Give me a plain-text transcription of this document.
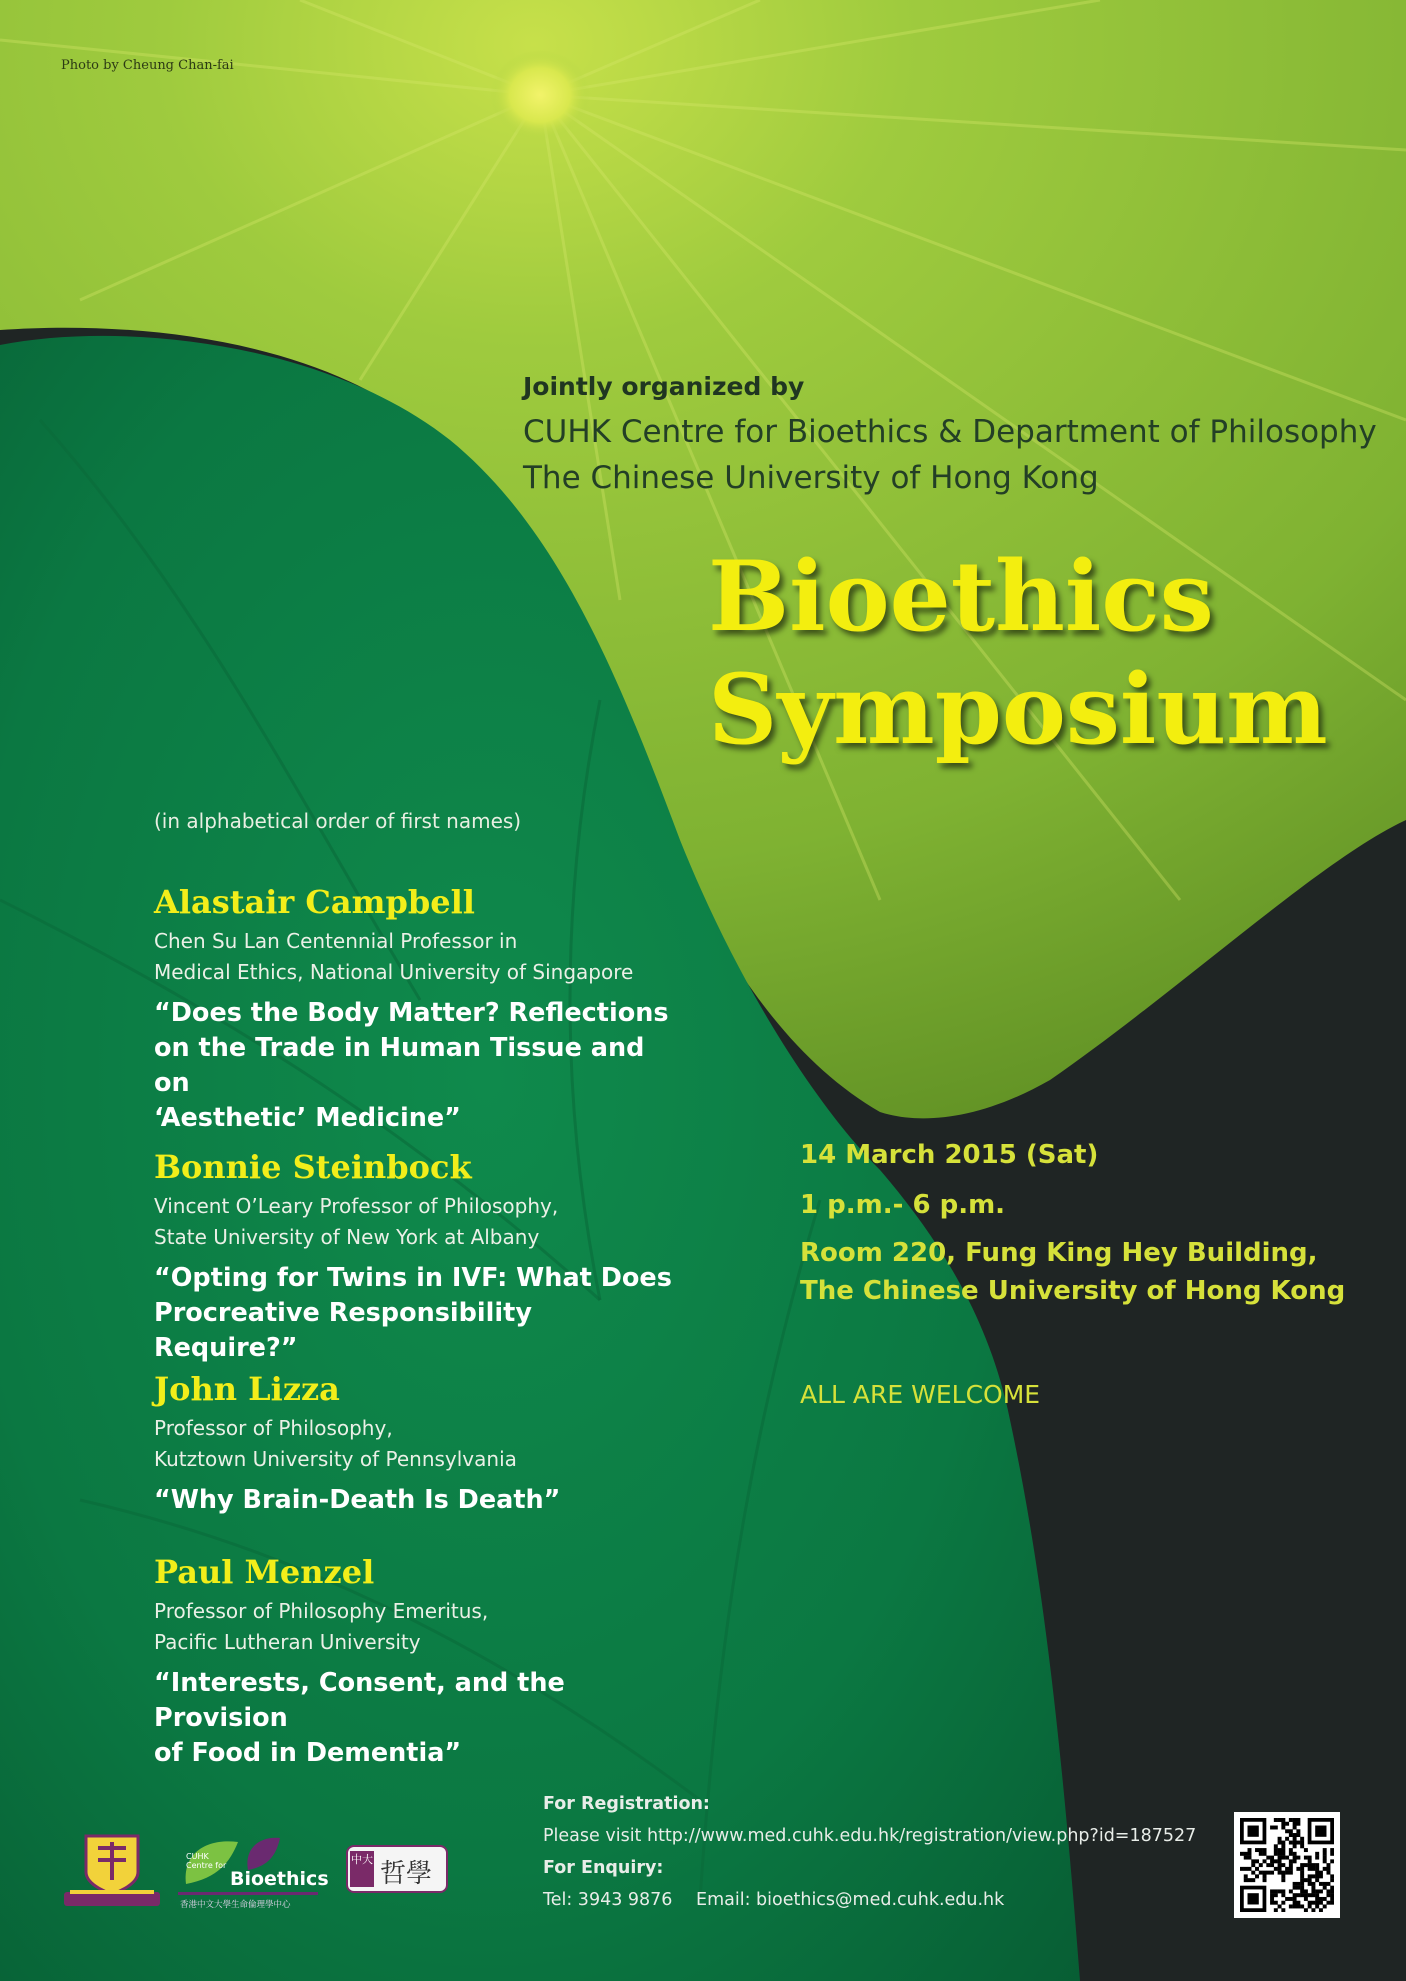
Photo by Cheung Chan-fai
Jointly organized by
CUHK Centre for Bioethics & Department of Philosophy
The Chinese University of Hong Kong
Bioethics
Symposium
(in alphabetical order of first names)
Alastair Campbell
Chen Su Lan Centennial Professor in
Medical Ethics, National University of Singapore
“Does the Body Matter? Reflections
on the Trade in Human Tissue and on
‘Aesthetic’ Medicine”
Bonnie Steinbock
Vincent O’Leary Professor of Philosophy,
State University of New York at Albany
“Opting for Twins in IVF: What Does
Procreative Responsibility Require?”
John Lizza
Professor of Philosophy,
Kutztown University of Pennsylvania
“Why Brain-Death Is Death”
Paul Menzel
Professor of Philosophy Emeritus,
Pacific Lutheran University
“Interests, Consent, and the Provision
of Food in Dementia”
14 March 2015 (Sat)
1 p.m.- 6 p.m.
Room 220, Fung King Hey Building,
The Chinese University of Hong Kong
ALL ARE WELCOME
For Registration:
Please visit http://www.med.cuhk.edu.hk/registration/view.php?id=187527
For Enquiry:
Tel: 3943 9876 Email: bioethics@med.cuhk.edu.hk
CUHK Centre for
Bioethics
香港中文大學生命倫理學中心
中大 哲學
